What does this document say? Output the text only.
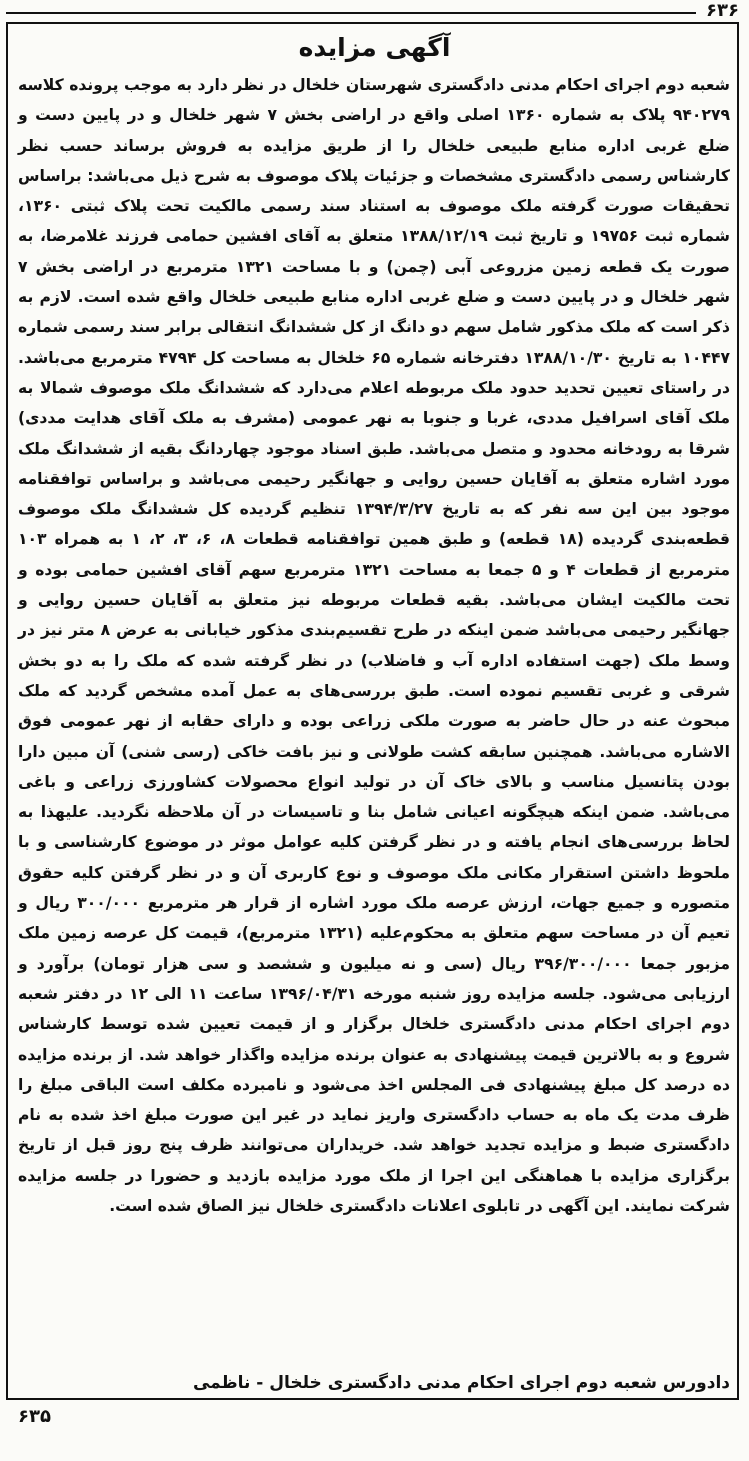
۶۳۶
آگهی مزایده

شعبه دوم اجرای احکام مدنی دادگستری شهرستان خلخال در نظر دارد به موجب پرونده کلاسه ۹۴۰۲۷۹ پلاک به شماره ۱۳۶۰ اصلی واقع در اراضی بخش ۷ شهر خلخال و در پایین دست و ضلع غربی اداره منابع طبیعی خلخال را از طریق مزایده به فروش برساند حسب نظر کارشناس رسمی دادگستری مشخصات و جزئیات پلاک موصوف به شرح ذیل می‌باشد: براساس تحقیقات صورت گرفته ملک موصوف به استناد سند رسمی مالکیت تحت پلاک ثبتی ۱۳۶۰، شماره ثبت ۱۹۷۵۶ و تاریخ ثبت ۱۳۸۸/۱۲/۱۹ متعلق به آقای افشین حمامی فرزند غلامرضا، به صورت یک قطعه زمین مزروعی آبی (چمن) و با مساحت ۱۳۲۱ مترمربع در اراضی بخش ۷ شهر خلخال و در پایین دست و ضلع غربی اداره منابع طبیعی خلخال واقع شده است. لازم به ذکر است که ملک مذکور شامل سهم دو دانگ از کل ششدانگ انتقالی برابر سند رسمی شماره ۱۰۴۴۷ به تاریخ ۱۳۸۸/۱۰/۳۰ دفترخانه شماره ۶۵ خلخال به مساحت کل ۴۷۹۴ مترمربع می‌باشد. در راستای تعیین تحدید حدود ملک مربوطه اعلام می‌دارد که ششدانگ ملک موصوف شمالا به ملک آقای اسرافیل مددی، غربا و جنوبا به نهر عمومی (مشرف به ملک آقای هدایت مددی) شرقا به رودخانه محدود و متصل می‌باشد. طبق اسناد موجود چهاردانگ بقیه از ششدانگ ملک مورد اشاره متعلق به آقایان حسین روایی و جهانگیر رحیمی می‌باشد و براساس توافقنامه موجود بین این سه نفر که به تاریخ ۱۳۹۴/۳/۲۷ تنظیم گردیده کل ششدانگ ملک موصوف قطعه‌بندی گردیده (۱۸ قطعه) و طبق همین توافقنامه قطعات ۸، ۶، ۳، ۲، ۱ به همراه ۱۰۳ مترمربع از قطعات ۴ و ۵ جمعا به مساحت ۱۳۲۱ مترمربع سهم آقای افشین حمامی بوده و تحت مالکیت ایشان می‌باشد. بقیه قطعات مربوطه نیز متعلق به آقایان حسین روایی و جهانگیر رحیمی می‌باشد ضمن اینکه در طرح تقسیم‌بندی مذکور خیابانی به عرض ۸ متر نیز در وسط ملک (جهت استفاده اداره آب و فاضلاب) در نظر گرفته شده که ملک را به دو بخش شرقی و غربی تقسیم نموده است. طبق بررسی‌های به عمل آمده مشخص گردید که ملک مبحوث عنه در حال حاضر به صورت ملکی زراعی بوده و دارای حقابه از نهر عمومی فوق الاشاره می‌باشد. همچنین سابقه کشت طولانی و نیز بافت خاکی (رسی شنی) آن مبین دارا بودن پتانسیل مناسب و بالای خاک آن در تولید انواع محصولات کشاورزی زراعی و باغی می‌باشد. ضمن اینکه هیچگونه اعیانی شامل بنا و تاسیسات در آن ملاحظه نگردید. علیهذا به لحاظ بررسی‌های انجام یافته و در نظر گرفتن کلیه عوامل موثر در موضوع کارشناسی و با ملحوظ داشتن استقرار مکانی ملک موصوف و نوع کاربری آن و در نظر گرفتن کلیه حقوق متصوره و جمیع جهات، ارزش عرصه ملک مورد اشاره از قرار هر مترمربع ۳۰۰/۰۰۰ ریال و تعیم آن در مساحت سهم متعلق به محکوم‌علیه (۱۳۲۱ مترمربع)، قیمت کل عرصه زمین ملک مزبور جمعا ۳۹۶/۳۰۰/۰۰۰ ریال (سی و نه میلیون و ششصد و سی هزار تومان) برآورد و ارزیابی می‌شود. جلسه مزایده روز شنبه مورخه ۱۳۹۶/۰۴/۳۱ ساعت ۱۱ الی ۱۲ در دفتر شعبه دوم اجرای احکام مدنی دادگستری خلخال برگزار و از قیمت تعیین شده توسط کارشناس شروع و به بالاترین قیمت پیشنهادی به عنوان برنده مزایده واگذار خواهد شد. از برنده مزایده ده درصد کل مبلغ پیشنهادی فی المجلس اخذ می‌شود و نامبرده مکلف است الباقی مبلغ را ظرف مدت یک ماه به حساب دادگستری واریز نماید در غیر این صورت مبلغ اخذ شده به نام دادگستری ضبط و مزایده تجدید خواهد شد. خریداران می‌توانند ظرف پنج روز قبل از تاریخ برگزاری مزایده با هماهنگی این اجرا از ملک مورد مزایده بازدید و حضورا در جلسه مزایده شرکت نمایند. این آگهی در تابلوی اعلانات دادگستری خلخال نیز الصاق شده است.

دادورس شعبه دوم اجرای احکام مدنی دادگستری خلخال - ناظمی
۶۳۵
